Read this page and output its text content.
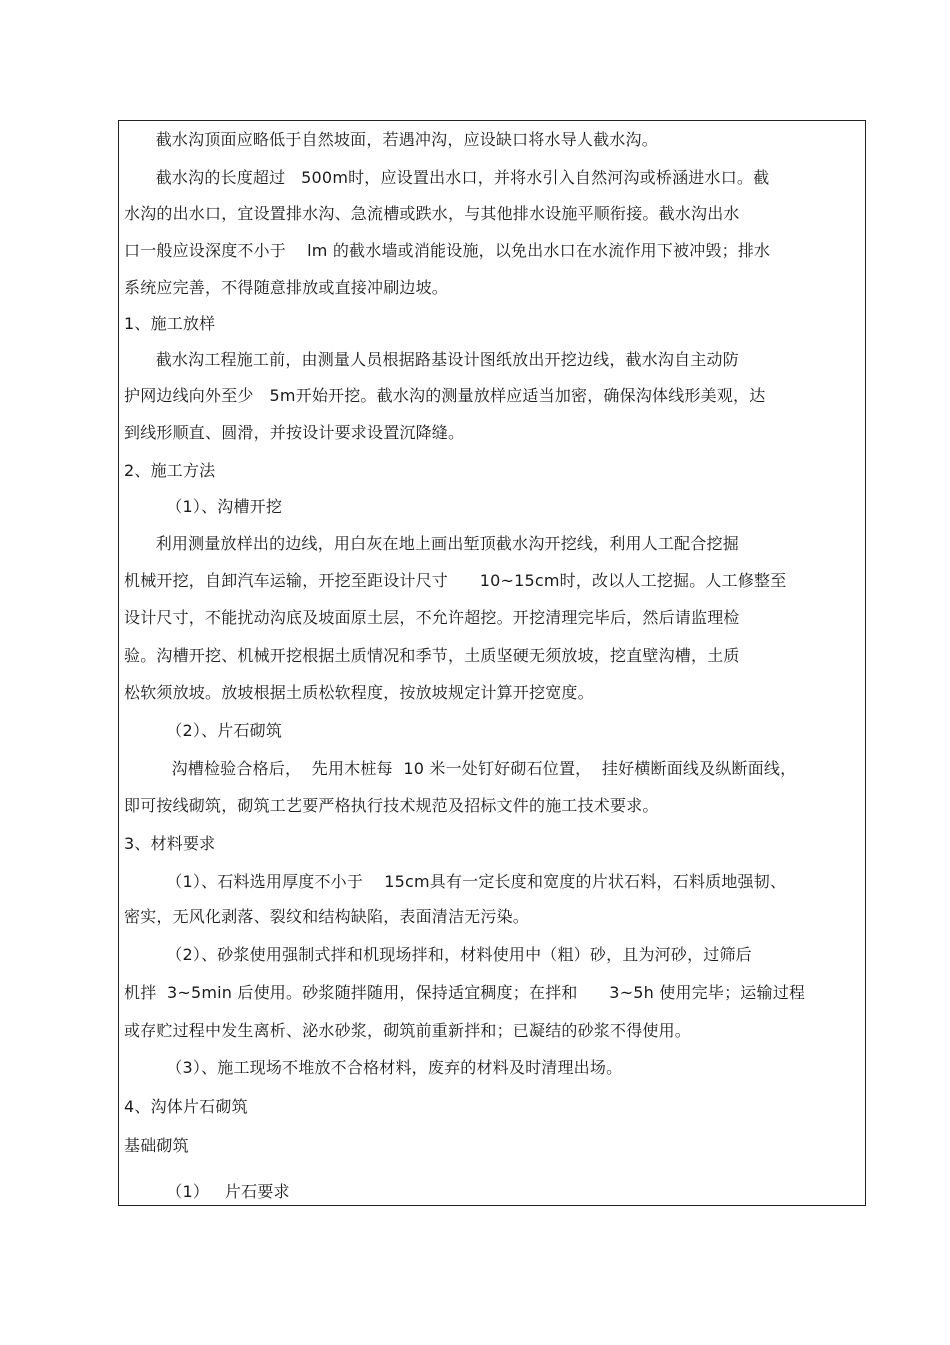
截水沟顶面应略低于自然坡面，若遇冲沟，应设缺口将水导人截水沟。
截水沟的长度超过   500m时，应设置出水口，并将水引入自然河沟或桥涵进水口。截
水沟的出水口，宜设置排水沟、急流槽或跌水，与其他排水设施平顺衔接。截水沟出水
口一般应设深度不小于    lm 的截水墙或消能设施，以免出水口在水流作用下被冲毁；排水
系统应完善，不得随意排放或直接冲刷边坡。
1、施工放样
截水沟工程施工前，由测量人员根据路基设计图纸放出开挖边线，截水沟自主动防
护网边线向外至少   5m开始开挖。截水沟的测量放样应适当加密，确保沟体线形美观，达
到线形顺直、圆滑，并按设计要求设置沉降缝。
2、施工方法
（1）、沟槽开挖
利用测量放样出的边线，用白灰在地上画出堑顶截水沟开挖线，利用人工配合挖掘
机械开挖，自卸汽车运输，开挖至距设计尺寸      10~15cm时，改以人工挖掘。人工修整至
设计尺寸，不能扰动沟底及坡面原土层，不允许超挖。开挖清理完毕后，然后请监理检
验。沟槽开挖、机械开挖根据土质情况和季节，土质坚硬无须放坡，挖直壁沟槽，土质
松软须放坡。放坡根据土质松软程度，按放坡规定计算开挖宽度。
（2）、片石砌筑
沟槽检验合格后，  先用木桩每  10 米一处钉好砌石位置，  挂好横断面线及纵断面线，
即可按线砌筑，砌筑工艺要严格执行技术规范及招标文件的施工技术要求。
3、材料要求
（1）、石料选用厚度不小于    15cm具有一定长度和宽度的片状石料，石料质地强韧、
密实，无风化剥落、裂纹和结构缺陷，表面清洁无污染。
（2）、砂浆使用强制式拌和机现场拌和，材料使用中（粗）砂，且为河砂，过筛后
机拌  3~5min 后使用。砂浆随拌随用，保持适宜稠度；在拌和      3~5h 使用完毕；运输过程
或存贮过程中发生离析、泌水砂浆，砌筑前重新拌和；已凝结的砂浆不得使用。
（3）、施工现场不堆放不合格材料，废弃的材料及时清理出场。
4、沟体片石砌筑
基础砌筑
（1）   片石要求
